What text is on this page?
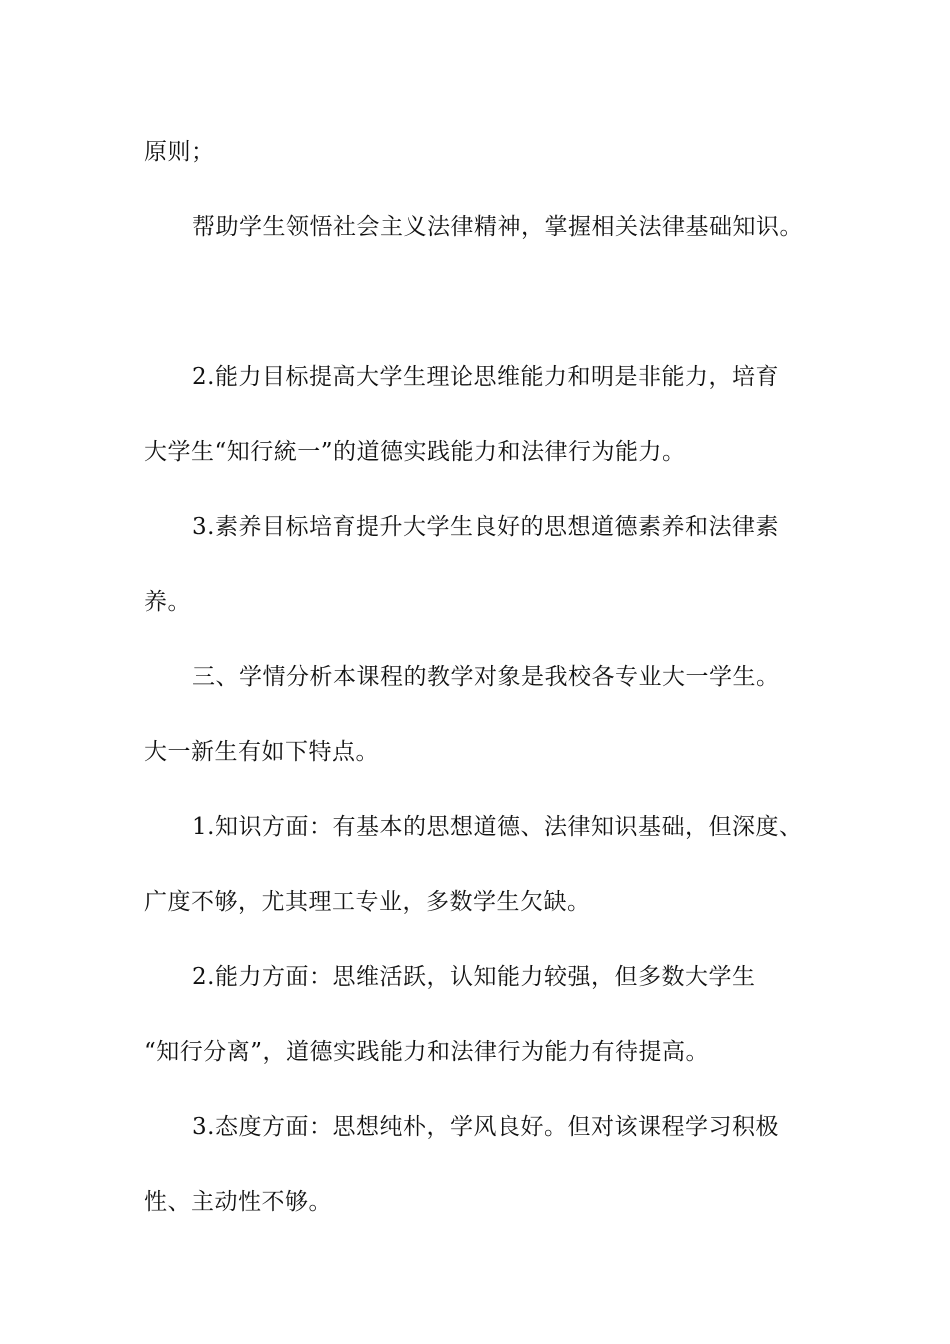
原则；
帮助学生领悟社会主义法律精神，掌握相关法律基础知识。
2.能力目标提高大学生理论思维能力和明是非能力，培育
大学生“知行統一”的道德实践能力和法律行为能力。
3.素养目标培育提升大学生良好的思想道德素养和法律素
养。
三、学情分析本课程的教学对象是我校各专业大一学生。
大一新生有如下特点。
1.知识方面：有基本的思想道德、法律知识基础，但深度、
广度不够，尤其理工专业，多数学生欠缺。
2.能力方面：思维活跃，认知能力较强，但多数大学生
“知行分离”，道德实践能力和法律行为能力有待提高。
3.态度方面：思想纯朴，学风良好。但对该课程学习积极
性、主动性不够。
